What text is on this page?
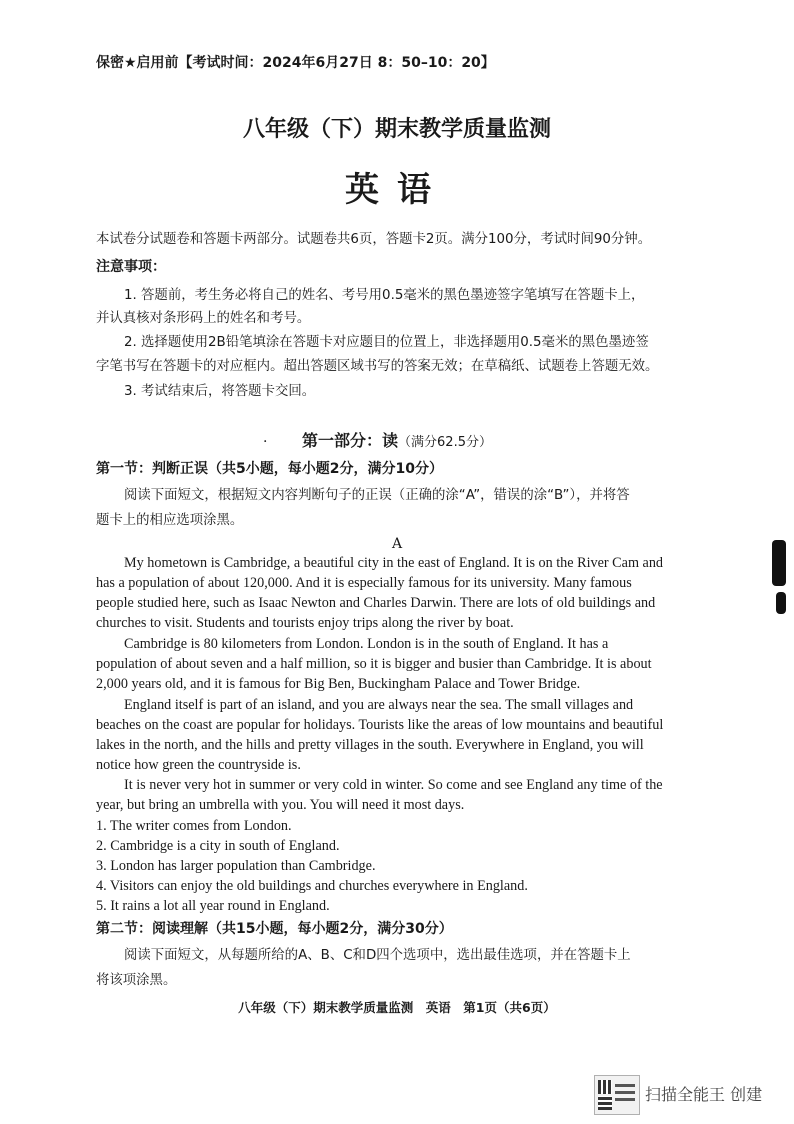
保密★启用前【考试时间：2024年6月27日 8：50–10：20】

八年级（下）期末教学质量监测

英语

本试卷分试题卷和答题卡两部分。试题卷共6页，答题卡2页。满分100分，考试时间90分钟。

注意事项：

1. 答题前，考生务必将自己的姓名、考号用0.5毫米的黑色墨迹签字笔填写在答题卡上，

并认真核对条形码上的姓名和考号。

2. 选择题使用2B铅笔填涂在答题卡对应题目的位置上，非选择题用0.5毫米的黑色墨迹签

字笔书写在答题卡的对应框内。超出答题区域书写的答案无效；在草稿纸、试题卷上答题无效。

3. 考试结束后，将答题卡交回。

·	第一部分：读（满分62.5分）

第一节：判断正误（共5小题，每小题2分，满分10分）

阅读下面短文，根据短文内容判断句子的正误（正确的涂“A”，错误的涂“B”），并将答

题卡上的相应选项涂黑。

A

My hometown is Cambridge, a beautiful city in the east of England. It is on the River Cam and

has a population of about 120,000. And it is especially famous for its university. Many famous

people studied here, such as Isaac Newton and Charles Darwin. There are lots of old buildings and

churches to visit. Students and tourists enjoy trips along the river by boat.

Cambridge is 80 kilometers from London. London is in the south of England. It has a

population of about seven and a half million, so it is bigger and busier than Cambridge. It is about

2,000 years old, and it is famous for Big Ben, Buckingham Palace and Tower Bridge.

England itself is part of an island, and you are always near the sea. The small villages and

beaches on the coast are popular for holidays. Tourists like the areas of low mountains and beautiful

lakes in the north, and the hills and pretty villages in the south. Everywhere in England, you will

notice how green the countryside is.

It is never very hot in summer or very cold in winter. So come and see England any time of the

year, but bring an umbrella with you. You will need it most days.

1. The writer comes from London.

2. Cambridge is a city in south of England.

3. London has larger population than Cambridge.

4. Visitors can enjoy the old buildings and churches everywhere in England.

5. It rains a lot all year round in England.

第二节：阅读理解（共15小题，每小题2分，满分30分）

阅读下面短文，从每题所给的A、B、C和D四个选项中，选出最佳选项，并在答题卡上

将该项涂黑。

八年级（下）期末教学质量监测　英语　第1页（共6页）

扫描全能王 创建
